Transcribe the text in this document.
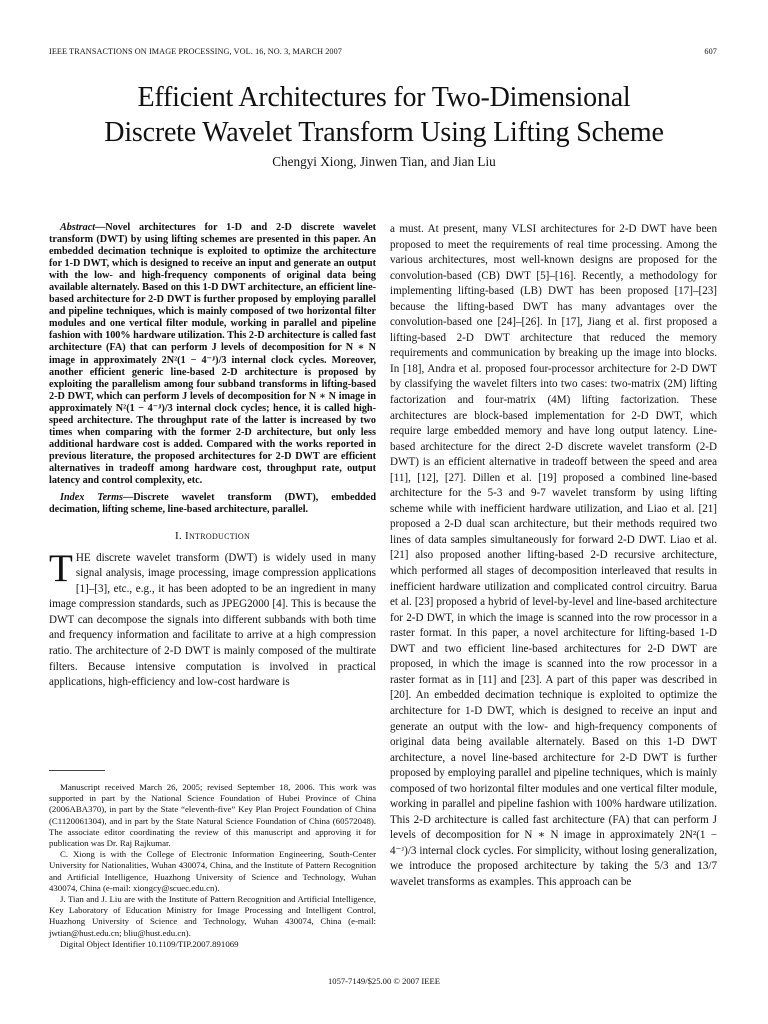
IEEE TRANSACTIONS ON IMAGE PROCESSING, VOL. 16, NO. 3, MARCH 2007	607
Efficient Architectures for Two-Dimensional
Discrete Wavelet Transform Using Lifting Scheme
Chengyi Xiong, Jinwen Tian, and Jian Liu

Abstract—Novel architectures for 1-D and 2-D discrete wavelet transform (DWT) by using lifting schemes are presented in this paper. An embedded decimation technique is exploited to optimize the architecture for 1-D DWT, which is designed to receive an input and generate an output with the low- and high-frequency components of original data being available alternately. Based on this 1-D DWT architecture, an efficient line-based architecture for 2-D DWT is further proposed by employing parallel and pipeline techniques, which is mainly composed of two horizontal filter modules and one vertical filter module, working in parallel and pipeline fashion with 100% hardware utilization. This 2-D architecture is called fast architecture (FA) that can perform J levels of decomposition for N ∗ N image in approximately 2N²(1 − 4⁻ᴶ)/3 internal clock cycles. Moreover, another efficient generic line-based 2-D architecture is proposed by exploiting the parallelism among four subband transforms in lifting-based 2-D DWT, which can perform J levels of decomposition for N ∗ N image in approximately N²(1 − 4⁻ᴶ)/3 internal clock cycles; hence, it is called high-speed architecture. The throughput rate of the latter is increased by two times when comparing with the former 2-D architecture, but only less additional hardware cost is added. Compared with the works reported in previous literature, the proposed architectures for 2-D DWT are efficient alternatives in tradeoff among hardware cost, throughput rate, output latency and control complexity, etc.

Index Terms—Discrete wavelet transform (DWT), embedded decimation, lifting scheme, line-based architecture, parallel.

I. Introduction

THE discrete wavelet transform (DWT) is widely used in many signal analysis, image processing, image compression applications [1]–[3], etc., e.g., it has been adopted to be an ingredient in many image compression standards, such as JPEG2000 [4]. This is because the DWT can decompose the signals into different subbands with both time and frequency information and facilitate to arrive at a high compression ratio. The architecture of 2-D DWT is mainly composed of the multirate filters. Because intensive computation is involved in practical applications, high-efficiency and low-cost hardware is

Manuscript received March 26, 2005; revised September 18, 2006. This work was supported in part by the National Science Foundation of Hubei Province of China (2006ABA370), in part by the State “eleventh-five” Key Plan Project Foundation of China (C1120061304), and in part by the State Natural Science Foundation of China (60572048). The associate editor coordinating the review of this manuscript and approving it for publication was Dr. Raj Rajkumar.

C. Xiong is with the College of Electronic Information Engineering, South-Center University for Nationalities, Wuhan 430074, China, and the Institute of Pattern Recognition and Artificial Intelligence, Huazhong University of Science and Technology, Wuhan 430074, China (e-mail: xiongcy@scuec.edu.cn).

J. Tian and J. Liu are with the Institute of Pattern Recognition and Artificial Intelligence, Key Laboratory of Education Ministry for Image Processing and Intelligent Control, Huazhong University of Science and Technology, Wuhan 430074, China (e-mail: jwtian@hust.edu.cn; bliu@hust.edu.cn).

Digital Object Identifier 10.1109/TIP.2007.891069

a must. At present, many VLSI architectures for 2-D DWT have been proposed to meet the requirements of real time processing. Among the various architectures, most well-known designs are proposed for the convolution-based (CB) DWT [5]–[16]. Recently, a methodology for implementing lifting-based (LB) DWT has been proposed [17]–[23] because the lifting-based DWT has many advantages over the convolution-based one [24]–[26]. In [17], Jiang et al. first proposed a lifting-based 2-D DWT architecture that reduced the memory requirements and communication by breaking up the image into blocks. In [18], Andra et al. proposed four-processor architecture for 2-D DWT by classifying the wavelet filters into two cases: two-matrix (2M) lifting factorization and four-matrix (4M) lifting factorization. These architectures are block-based implementation for 2-D DWT, which require large embedded memory and have long output latency. Line-based architecture for the direct 2-D discrete wavelet transform (2-D DWT) is an efficient alternative in tradeoff between the speed and area [11], [12], [27]. Dillen et al. [19] proposed a combined line-based architecture for the 5-3 and 9-7 wavelet transform by using lifting scheme while with inefficient hardware utilization, and Liao et al. [21] proposed a 2-D dual scan architecture, but their methods required two lines of data samples simultaneously for forward 2-D DWT. Liao et al. [21] also proposed another lifting-based 2-D recursive architecture, which performed all stages of decomposition interleaved that results in inefficient hardware utilization and complicated control circuitry. Barua et al. [23] proposed a hybrid of level-by-level and line-based architecture for 2-D DWT, in which the image is scanned into the row processor in a raster format. In this paper, a novel architecture for lifting-based 1-D DWT and two efficient line-based architectures for 2-D DWT are proposed, in which the image is scanned into the row processor in a raster format as in [11] and [23]. A part of this paper was described in [20]. An embedded decimation technique is exploited to optimize the architecture for 1-D DWT, which is designed to receive an input and generate an output with the low- and high-frequency components of original data being available alternately. Based on this 1-D DWT architecture, a novel line-based architecture for 2-D DWT is further proposed by employing parallel and pipeline techniques, which is mainly composed of two horizontal filter modules and one vertical filter module, working in parallel and pipeline fashion with 100% hardware utilization. This 2-D architecture is called fast architecture (FA) that can perform J levels of decomposition for N ∗ N image in approximately 2N²(1 − 4⁻ᴶ)/3 internal clock cycles. For simplicity, without losing generalization, we introduce the proposed architecture by taking the 5/3 and 13/7 wavelet transforms as examples. This approach can be

1057-7149/$25.00 © 2007 IEEE
